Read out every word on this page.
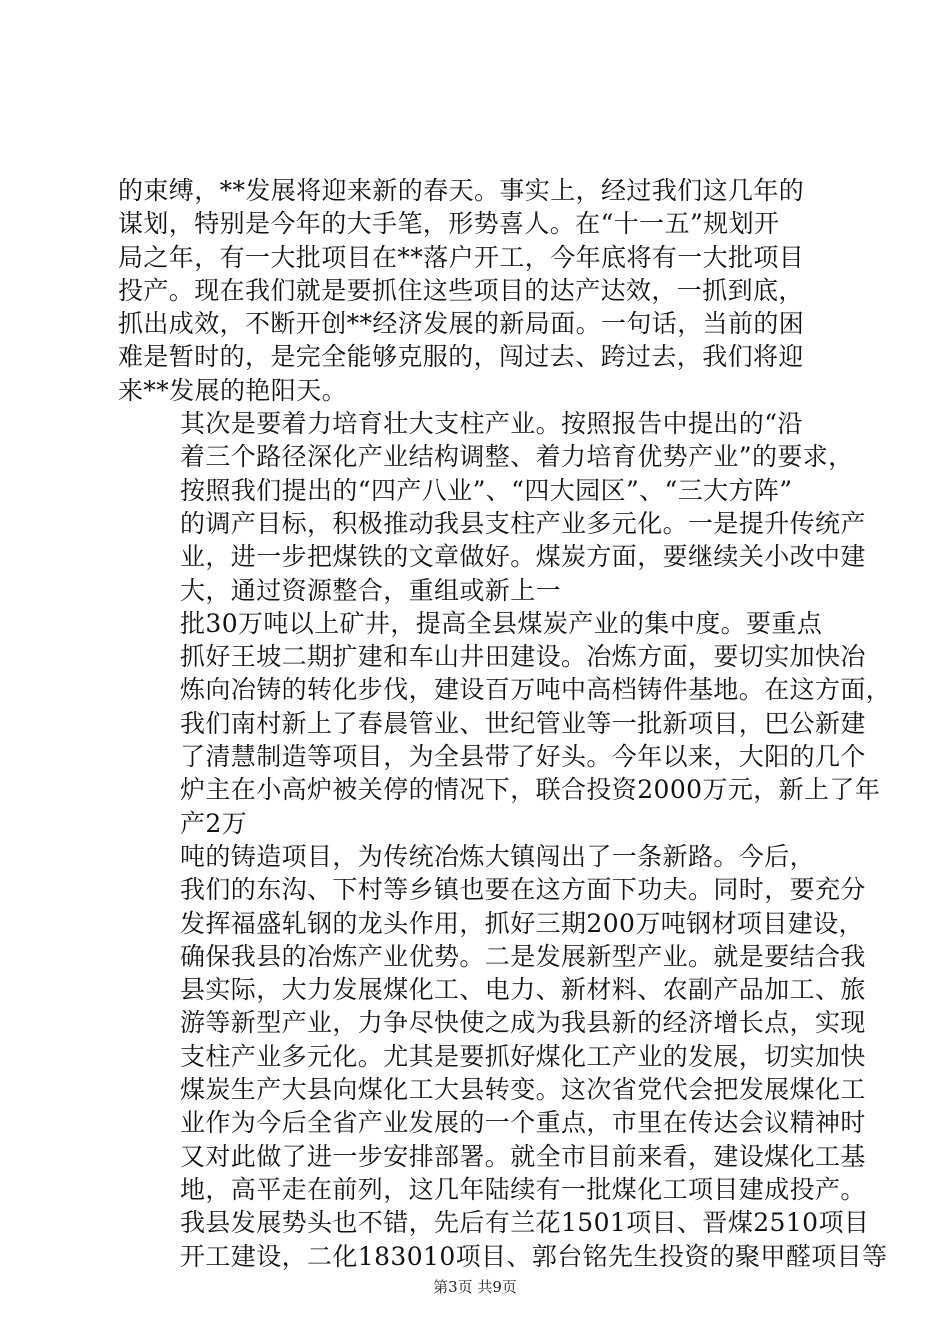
的束缚，**发展将迎来新的春天。事实上，经过我们这几年的
谋划，特别是今年的大手笔，形势喜人。在“十一五”规划开
局之年，有一大批项目在**落户开工，今年底将有一大批项目
投产。现在我们就是要抓住这些项目的达产达效，一抓到底，
抓出成效，不断开创**经济发展的新局面。一句话，当前的困
难是暂时的，是完全能够克服的，闯过去、跨过去，我们将迎
来**发展的艳阳天。
其次是要着力培育壮大支柱产业。按照报告中提出的“沿
着三个路径深化产业结构调整、着力培育优势产业”的要求，
按照我们提出的“四产八业”、“四大园区”、“三大方阵”
的调产目标，积极推动我县支柱产业多元化。一是提升传统产
业，进一步把煤铁的文章做好。煤炭方面，要继续关小改中建
大，通过资源整合，重组或新上一
批30万吨以上矿井，提高全县煤炭产业的集中度。要重点
抓好王坡二期扩建和车山井田建设。冶炼方面，要切实加快冶
炼向冶铸的转化步伐，建设百万吨中高档铸件基地。在这方面，
我们南村新上了春晨管业、世纪管业等一批新项目，巴公新建
了清慧制造等项目，为全县带了好头。今年以来，大阳的几个
炉主在小高炉被关停的情况下，联合投资2000万元，新上了年
产2万
吨的铸造项目，为传统冶炼大镇闯出了一条新路。今后，
我们的东沟、下村等乡镇也要在这方面下功夫。同时，要充分
发挥福盛轧钢的龙头作用，抓好三期200万吨钢材项目建设，
确保我县的冶炼产业优势。二是发展新型产业。就是要结合我
县实际，大力发展煤化工、电力、新材料、农副产品加工、旅
游等新型产业，力争尽快使之成为我县新的经济增长点，实现
支柱产业多元化。尤其是要抓好煤化工产业的发展，切实加快
煤炭生产大县向煤化工大县转变。这次省党代会把发展煤化工
业作为今后全省产业发展的一个重点，市里在传达会议精神时
又对此做了进一步安排部署。就全市目前来看，建设煤化工基
地，高平走在前列，这几年陆续有一批煤化工项目建成投产。
我县发展势头也不错，先后有兰花1501项目、晋煤2510项目
开工建设，二化183010项目、郭台铭先生投资的聚甲醛项目等
第3页 共9页
